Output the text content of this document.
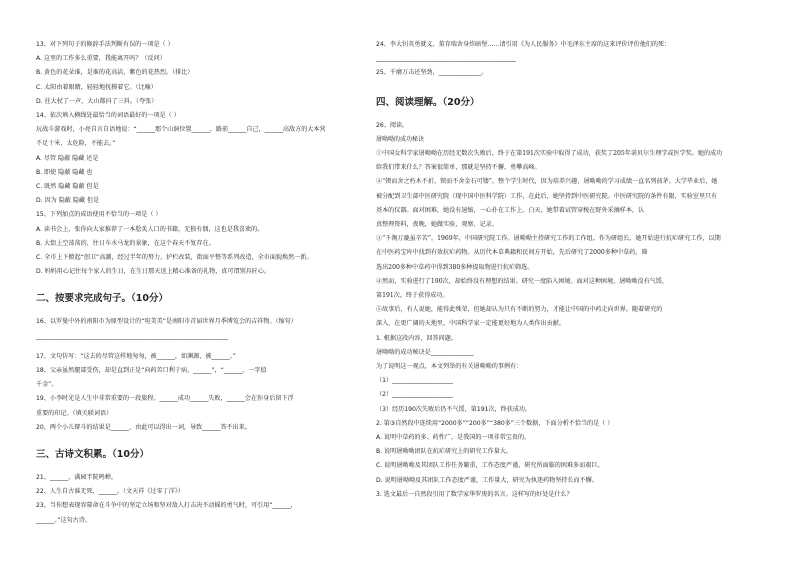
13、对下列句子的修辞手法判断有误的一项是（ ）
A. 这里的工作多么重要，我能离开吗？（反问）
B. 黄色的花朵谁，是谁的花高洁，紫色的花热烈。（排比）
C. 太阳由着眼睛，轻轻地抚摸着它。（比喻）
D. 拄大杖了一声，大山都抖了三抖。（夸张）
14、依次填入横线处最恰当的词语最好的一项是（ ）
玩战斗游戏时，小亮自言自语地说：“______那个山洞位置______，路前______自己，______高敌方的大本营
不足十米，太危险，不能去。”
A. 尽管 隐蔽 隐藏 还是
B. 即使 隐蔽 隐藏 也
C. 既然 隐藏 隐蔽 但是
D. 因为 隐蔽 隐藏 但是
15、下列加点的成语使用不恰当的一项是（ ）
A. 读书会上，张你向大家推荐了一本脍炙人口的书籍，无独有偶，这也是我喜欢的。
B. 大街上空荡荡的，往日车水马龙的景象，在这个春天不复存在。
C. 全市上下掀起“创卫”高潮，经过半年的努力，护栏改装，街面平整等系列改造，全市面貌焕然一新。
D. 妈妈用心记住每个家人的生日，在生日那天送上精心准备的礼物，真可谓别具匠心。
二、按要求完成句子。（10分）
16、以罗曼中外的南阳市为原型设计的“宛美美”是南阳市首届世界月季博览会的吉祥物。（缩句）
_______________________________________________________________
17、文句仿写：“这去的尽管这样地匆匆，被______，如渊源，被______。”
18、父亲虽然腿部受伤，却是直到正是“向药苦口利于病，______”，“______，一字值
千金”。
19、小李时光是人生中非常重要的一段旅程。______成功______失败，______会在你身后留下浮
重要的印记。（填关联词语）
20、两个小儿辩斗的结果是______，由此可以得出一词，导致______答不出来。
三、古诗文积累。（10分）
21、______，满园半院鸣蝉。
22、人生自古谁无死，______。（文天祥《过零丁洋》）
23、当你想表现容幕命在斗争中的坚定立场和坚对敌人打击决不动摇的勇气时，可引用“______，
______。”这句古诗。
24、李大钊英勇就义、董存瑞舍身炸暗堡……请引用《为人民服务》中毛泽东主席的这来评价评价他们的死：
______________________________________________
25、千磨万击还坚劲，______________。
四、阅读理解。（20分）
26、阅读。
屠呦呦的成功秘诀
①中国女科学家屠呦呦在历经无数次失败后，终于在第191次实验中取得了成功，获奖了205年诺贝尔生理学或医学奖。她的成功
给我们带来什么？答案很简单，那就是坚持不懈，勇攀高峰。
②“锲而舍之朽木不折，锲而不舍金石可镂”。整个学生时代，因为培养兴趣，屠呦呦的学习成绩一直名列前茅。大学毕业后，她
被分配到卫生部中医研究院（现中国中医科学院）工作，在此后，她坚持到中医研究院。中医研究院的条件有限，实验室里只有
基本的仪器。面对困难，她没有退缩，一心扑在工作上。白天，她带着试管穿梭在野外采摘样本，认
真整理资料，夜晚，她做实验，观察、记录。
③“千淘万漉虽辛苦”。1969年，中国研究院工作。屠呦呦主持研究工作的工作组。作为研组长，她开始进行抗疟研究工作，以期
在中医药宝库中找到有效抗疟药物。从历代本草典籍和民间方开始，先后研究了2000多种中草药，筛
选出200多种中草药中得到380多种提取物进行抗疟筛选。
④然而，实验进行了190次，却始终没有理想的结果。研究一度陷入困境。面对这种困境，屠呦呦没有气馁，
第191次，终于获得成功。
⑤故事后，有人说她，能得此殊荣，但她却认为只有不断的努力，才能让中国的中药走向世界。随着研究的
深入，在更广阔的天地里，中国科学家一定能更好地为人类作出贡献。
1. 根据这段内容，回答问题。
屠呦呦的成功秘诀是______________
为了说明这一观点，本文列举的有关屠呦呦的事例有：
（1）____________________
（2）____________________
（3）经历190次失败后仍不气馁，第191次，终获成功。
2. 第③自然段中连续用“2000多”“200多”“380多”三个数据，下面分析不恰当的是（ ）
A. 说明中草药的多、药性广，是我国的一项非常宝贵的。
B. 说明屠呦呦团队在抗疟研究上的研究工作量大。
C. 说明屠呦呦及其团队工作任务繁重，工作态度严谨，研究所面临的困难多而艰巨。
D. 说明屠呦呦及其团队工作态度严谨，工作量大，研究为执迷药物坚持长而不懈。
3. 选文最后一自然段引用了数学家华罗庚的名言。这样写的好处是什么？
